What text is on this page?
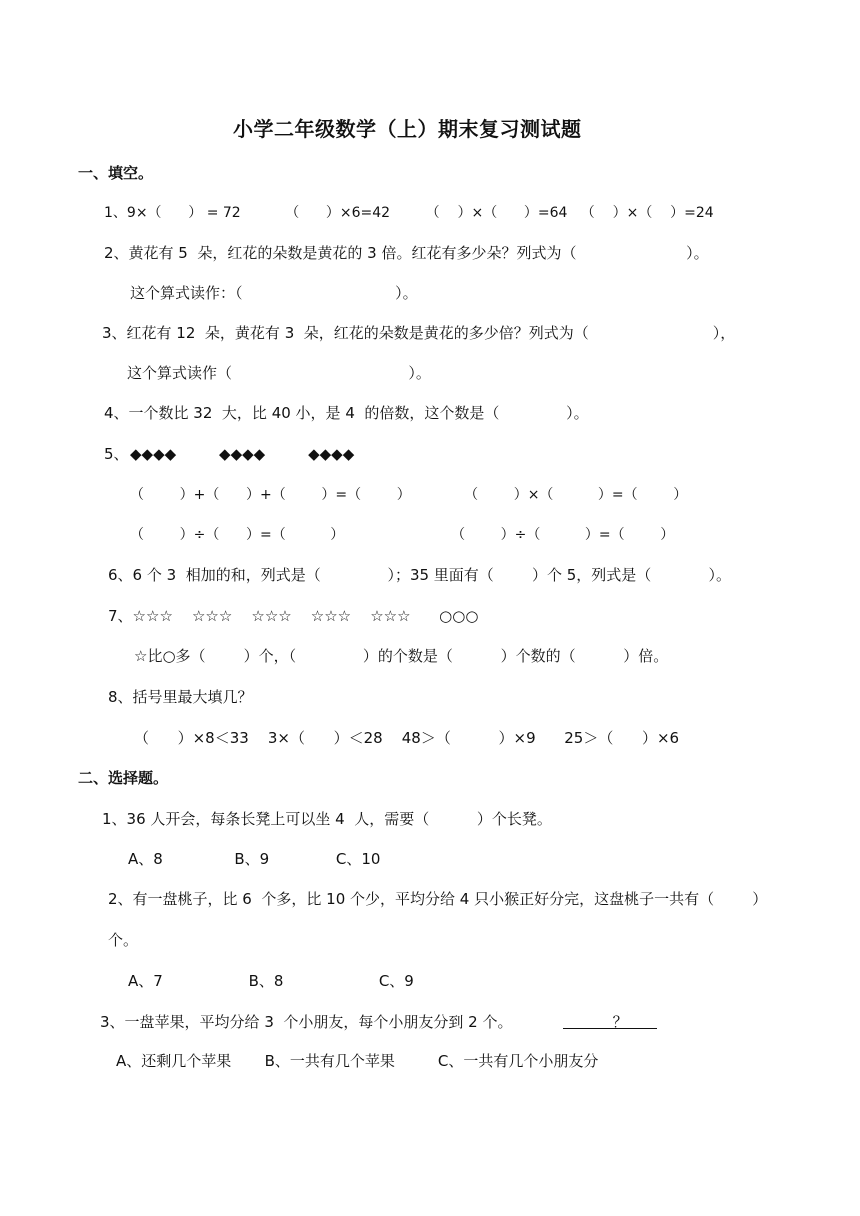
小学二年级数学（上）期末复习测试题
一、填空。
1、9×（      ） = 72          （      ）×6=42        （    ）×（      ）=64   （    ）×（    ）=24
2、黄花有 5  朵，红花的朵数是黄花的 3 倍。红花有多少朵？列式为（                       ）。
这个算式读作：（                                ）。
3、红花有 12  朵，黄花有 3  朵，红花的朵数是黄花的多少倍？列式为（                          ），
这个算式读作（                                     ）。
4、一个数比 32  大，比 40 小，是 4  的倍数，这个数是（              ）。
5、 ◆◆◆◆         ◆◆◆◆         ◆◆◆◆
（        ）+（      ）+（        ）=（        ）            （        ）×（          ）=（        ）
（        ）÷（      ）=（          ）                        （        ）÷（          ）=（        ）
6、6 个 3  相加的和，列式是（              ）；35 里面有（        ）个 5，列式是（            ）。
7、☆☆☆    ☆☆☆    ☆☆☆    ☆☆☆    ☆☆☆      ○○○
☆比○多（        ）个，（              ）的个数是（          ）个数的（          ）倍。
8、括号里最大填几？
（      ）×8＜33    3×（      ）＜28    48＞（          ）×9      25＞（      ）×6
二、选择题。
1、36 人开会，每条长凳上可以坐 4  人，需要（          ）个长凳。
A、8               B、9              C、10
2、有一盘桃子，比 6  个多，比 10 个少，平均分给 4 只小猴正好分完，这盘桃子一共有（        ）
个。
A、7                  B、8                    C、9
3、一盘苹果，平均分给 3  个小朋友，每个小朋友分到 2 个。                     ？
A、还剩几个苹果       B、一共有几个苹果         C、一共有几个小朋友分
